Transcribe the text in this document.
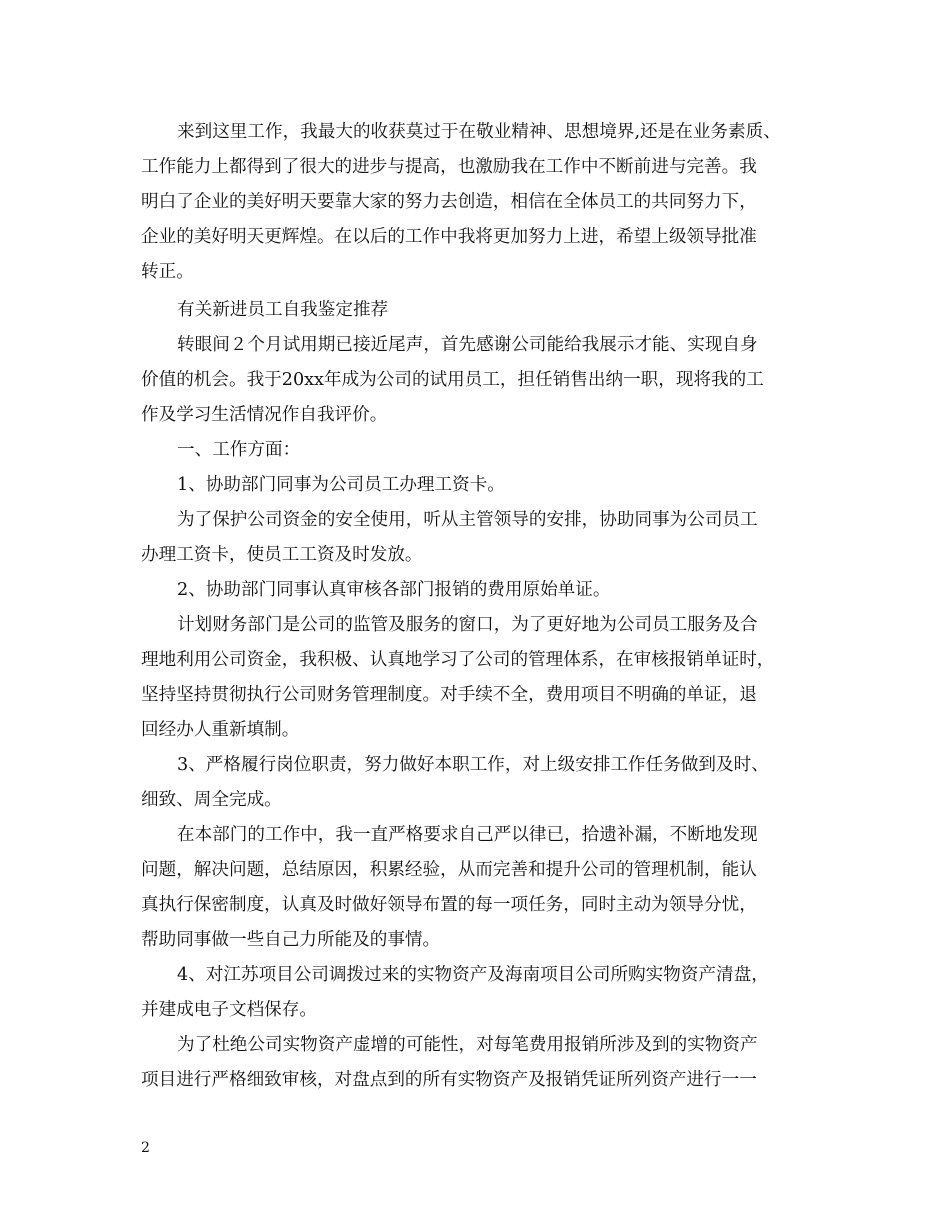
来到这里工作，我最大的收获莫过于在敬业精神、思想境界,还是在业务素质、
工作能力上都得到了很大的进步与提高，也激励我在工作中不断前进与完善。我
明白了企业的美好明天要靠大家的努力去创造，相信在全体员工的共同努力下，
企业的美好明天更辉煌。在以后的工作中我将更加努力上进，希望上级领导批准
转正。
有关新进员工自我鉴定推荐
转眼间２个月试用期已接近尾声，首先感谢公司能给我展示才能、实现自身
价值的机会。我于20xx年成为公司的试用员工，担任销售出纳一职，现将我的工
作及学习生活情况作自我评价。
一、工作方面：
1、协助部门同事为公司员工办理工资卡。
为了保护公司资金的安全使用，听从主管领导的安排，协助同事为公司员工
办理工资卡，使员工工资及时发放。
2、协助部门同事认真审核各部门报销的费用原始单证。
计划财务部门是公司的监管及服务的窗口，为了更好地为公司员工服务及合
理地利用公司资金，我积极、认真地学习了公司的管理体系，在审核报销单证时，
坚持坚持贯彻执行公司财务管理制度。对手续不全，费用项目不明确的单证，退
回经办人重新填制。
3、严格履行岗位职责，努力做好本职工作，对上级安排工作任务做到及时、
细致、周全完成。
在本部门的工作中，我一直严格要求自己严以律已，拾遗补漏，不断地发现
问题，解决问题，总结原因，积累经验，从而完善和提升公司的管理机制，能认
真执行保密制度，认真及时做好领导布置的每一项任务，同时主动为领导分忧，
帮助同事做一些自己力所能及的事情。
4、对江苏项目公司调拨过来的实物资产及海南项目公司所购实物资产清盘，
并建成电子文档保存。
为了杜绝公司实物资产虚增的可能性，对每笔费用报销所涉及到的实物资产
项目进行严格细致审核，对盘点到的所有实物资产及报销凭证所列资产进行一一
2
